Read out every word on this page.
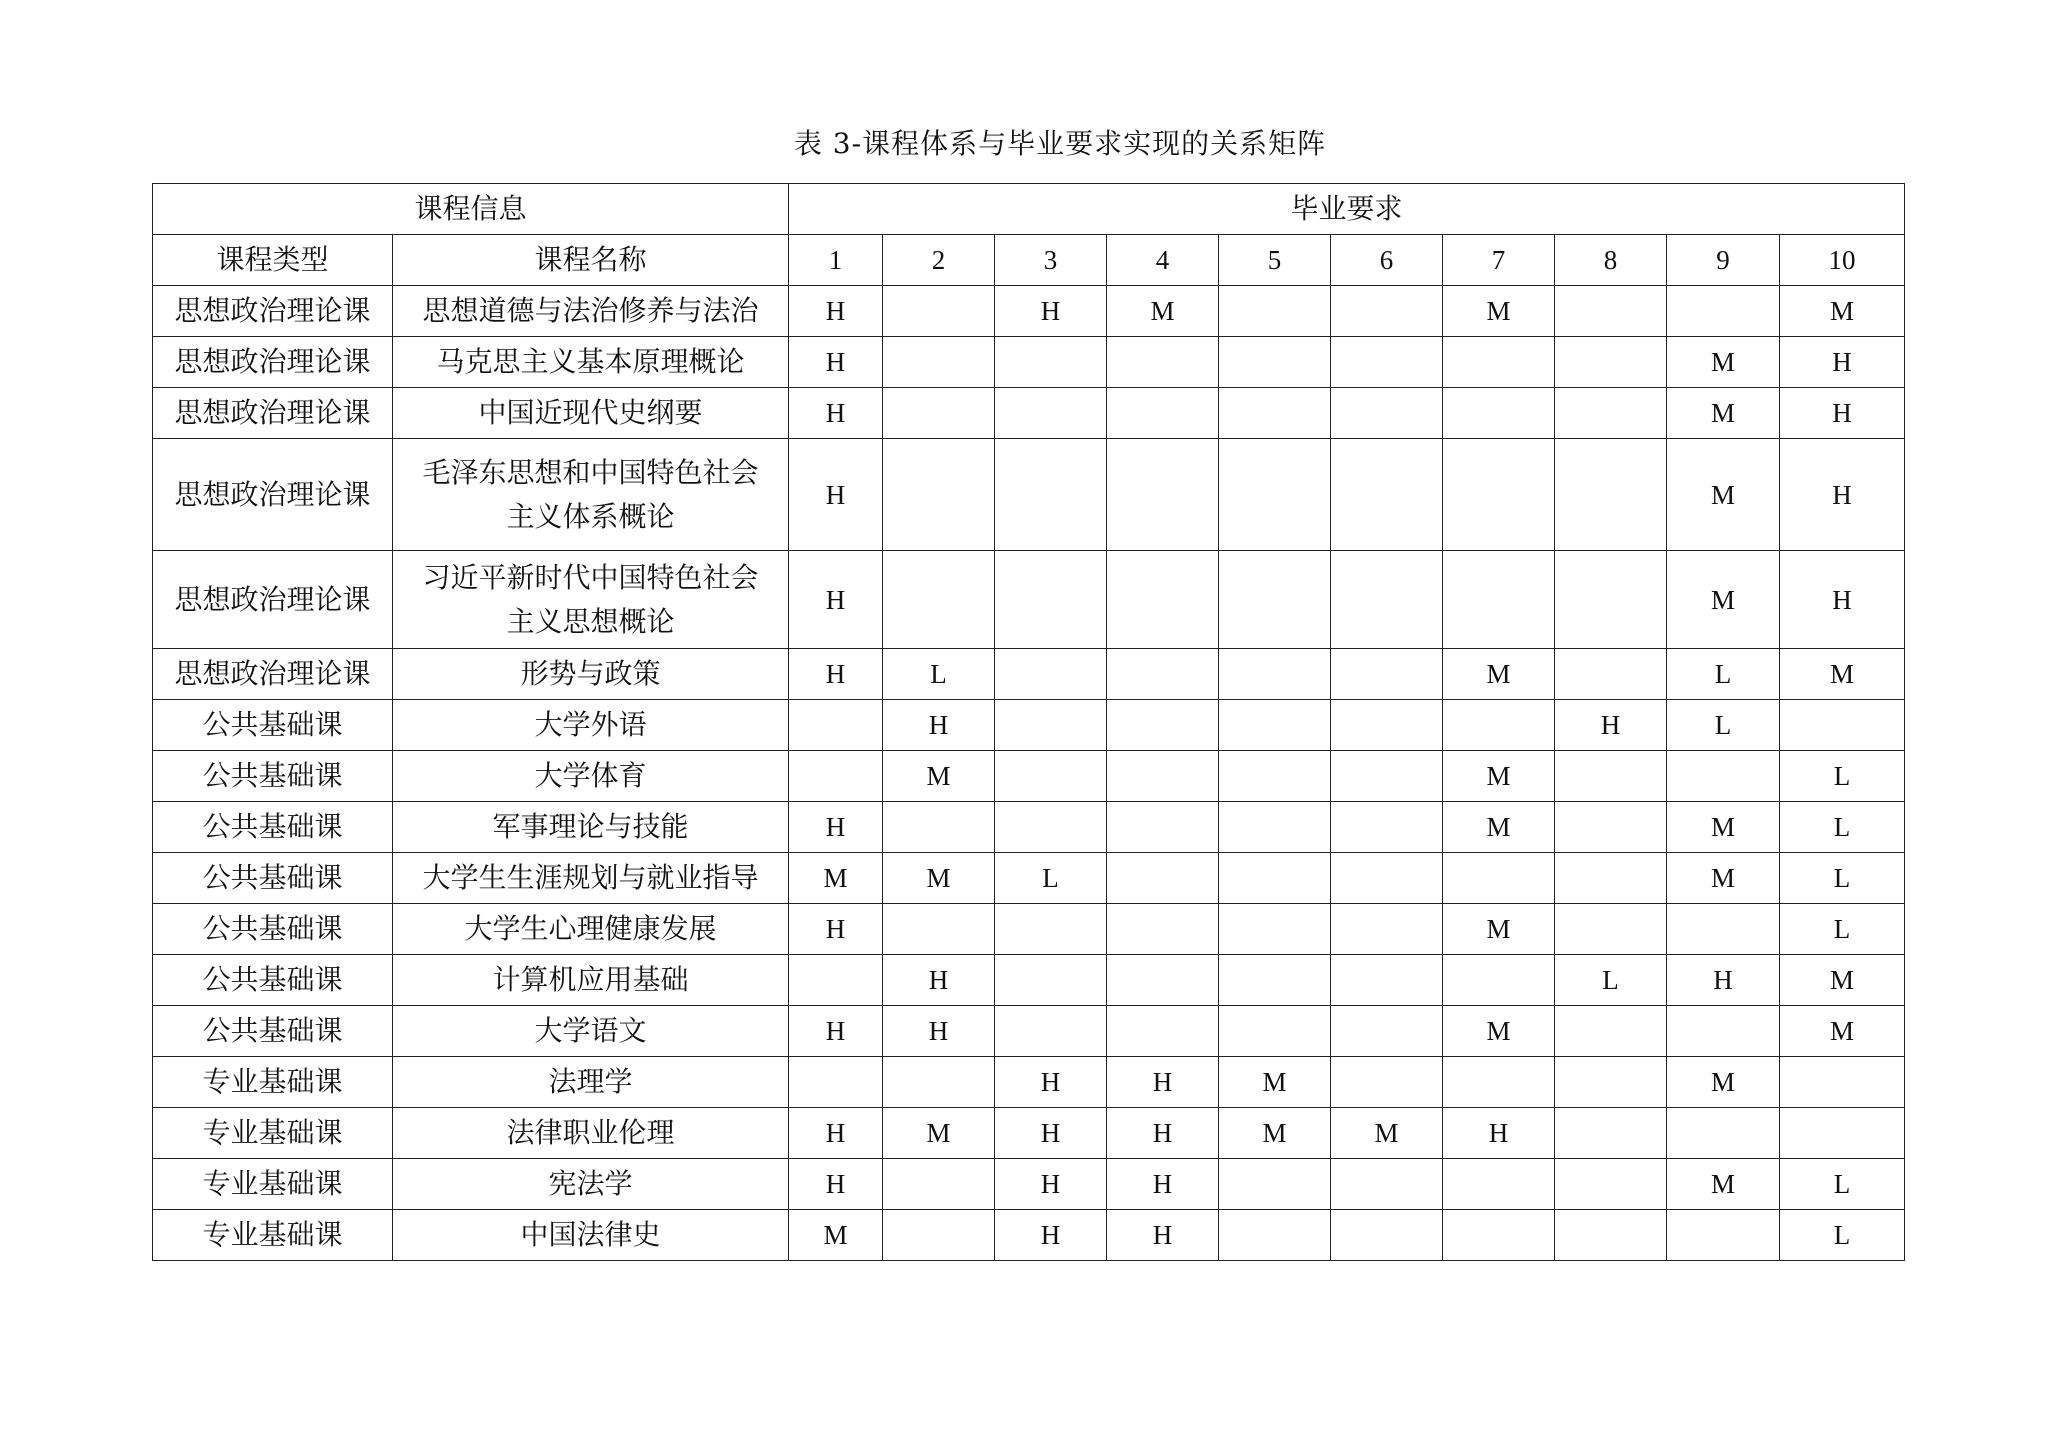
表 3-课程体系与毕业要求实现的关系矩阵
课程信息		毕业要求									
课程类型	课程名称	1	2	3	4	5	6	7	8	9	10
思想政治理论课	思想道德与法治修养与法治	H		H	M			M			M
思想政治理论课	马克思主义基本原理概论	H								M	H
思想政治理论课	中国近现代史纲要	H								M	H
思想政治理论课	毛泽东思想和中国特色社会主义体系概论	H								M	H
思想政治理论课	习近平新时代中国特色社会主义思想概论	H								M	H
思想政治理论课	形势与政策	H	L					M		L	M
公共基础课	大学外语		H						H	L	
公共基础课	大学体育		M					M			L
公共基础课	军事理论与技能	H						M		M	L
公共基础课	大学生生涯规划与就业指导	M	M	L						M	L
公共基础课	大学生心理健康发展	H						M			L
公共基础课	计算机应用基础		H						L	H	M
公共基础课	大学语文	H	H					M			M
专业基础课	法理学			H	H	M				M	
专业基础课	法律职业伦理	H	M	H	H	M	M	H			
专业基础课	宪法学	H		H	H					M	L
专业基础课	中国法律史	M		H	H						L
